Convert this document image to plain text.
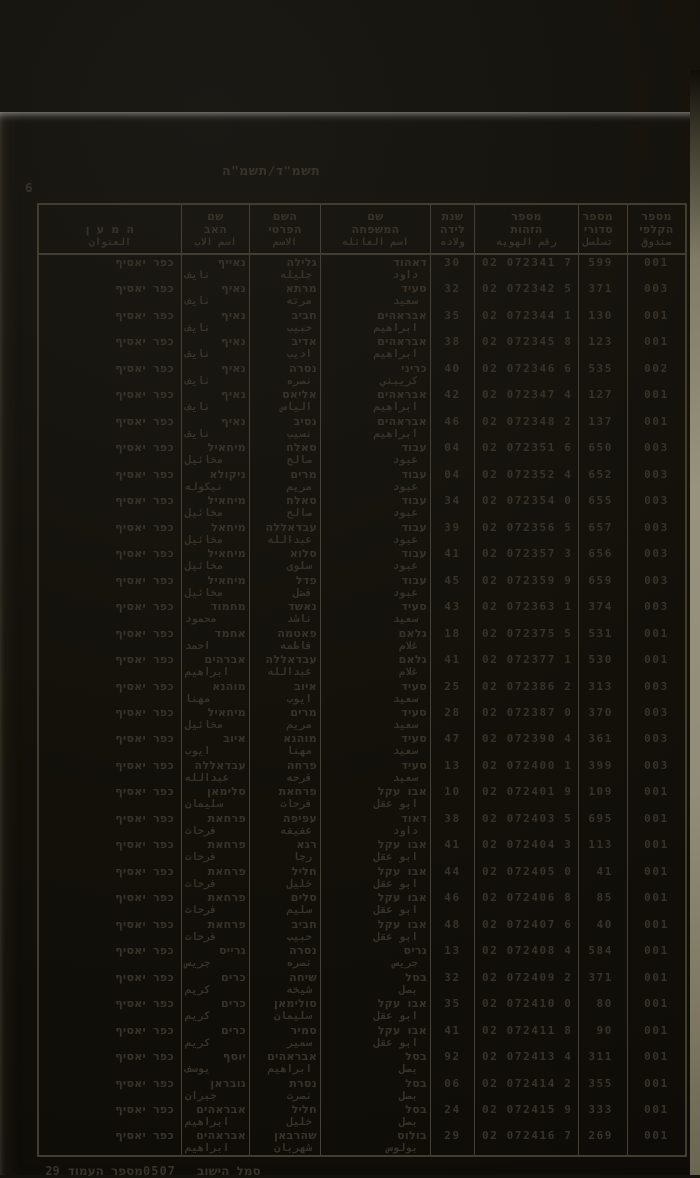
תשמ"ד/תשמ"ה
6
מספר
הקלפי
صندوق
מספר
סדורי
تسلسل
מספר
הזהות
رقم الهويه
שנת
לידה
ولاده
שם
המשפחה
اسم العائله
השם
הפרטי
الاسم
שם
האב
اسم الاب
ה מ ע ן
العنوان
001
599
02 072341 7
30
דאהוד
داود
גלילה
جليله
נאייף
نايف
כפר יאסיף
003
371
02 072342 5
32
סעיד
سعيد
מרתא
مرته
נאיף
نايف
כפר יאסיף
001
130
02 072344 1
35
אבראהים
ابراهيم
חביב
حبيب
נאיף
نايف
כפר יאסיף
001
123
02 072345 8
38
אבראהים
ابراهيم
אדיב
اديب
נאיף
نايف
כפר יאסיף
002
535
02 072346 6
40
כריני
كريبني
נסרה
نصره
נאיף
نايف
כפר יאסיף
001
127
02 072347 4
42
אבראהים
ابراهيم
אליאס
الياس
נאיף
نايف
כפר יאסיף
001
137
02 072348 2
46
אבראהים
ابراهيم
נסיב
نسيب
נאיף
نايف
כפר יאסיף
003
650
02 072351 6
04
עבוד
عبود
סאלח
صالح
מיחאיל
مخائيل
כפר יאסיף
003
652
02 072352 4
04
עבוד
عبود
מרים
مريم
ניקולא
نيكوله
כפר יאסיף
003
655
02 072354 0
34
עבוד
عبود
סאלח
صالح
מיחאיל
مخائيل
כפר יאסיף
003
657
02 072356 5
39
עבוד
عبود
עבדאללה
عبدالله
מיחאל
مخائيل
כפר יאסיף
003
656
02 072357 3
41
עבוד
عبود
סלוא
سلوى
מיחאיל
مخائيل
כפר יאסיף
003
659
02 072359 9
45
עבוד
عبود
פדל
فضل
מיחאיל
مخائيل
כפר יאסיף
003
374
02 072363 1
43
סעיד
سعيد
נאשד
ناشد
מחמוד
محمود
כפר יאסיף
001
531
02 072375 5
18
גלאם
غلام
פאטמה
فاطمه
אחמד
احمد
כפר יאסיף
001
530
02 072377 1
41
גלאם
غلام
עבדאללה
عبدالله
אברהים
ابراهيم
כפר יאסיף
003
313
02 072386 2
25
סעיד
سعيد
איוב
ايوب
מוהנא
مهنا
כפר יאסיף
003
370
02 072387 0
28
סעיד
سعيد
מרים
مريم
מיחאיל
مخائيل
כפר יאסיף
003
361
02 072390 4
47
סעיד
سعيد
מוהנא
مهنا
איוב
ايوب
כפר יאסיף
003
399
02 072400 1
13
סעיד
سعيد
פרחה
فرحه
עבדאללה
عبدالله
כפר יאסיף
001
109
02 072401 9
10
אבו עקל
ابو عقل
פרחאת
فرحات
סלימאן
سليمان
כפר יאסיף
001
695
02 072403 5
38
דאוד
داود
עפיפה
عفيفه
פרחאת
فرحات
כפר יאסיף
001
113
02 072404 3
41
אבו עקל
ابو عقل
רגא
رجا
פרחאת
فرحات
כפר יאסיף
001
41
02 072405 0
44
אבו עקל
ابو عقل
חליל
خليل
פרחאת
فرحات
כפר יאסיף
001
85
02 072406 8
46
אבו עקל
ابو عقل
סלים
سليم
פרחאת
فرحات
כפר יאסיף
001
40
02 072407 6
48
אבו עקל
ابو عقل
חביב
حبيب
פרחאת
فرحات
כפר יאסיף
001
584
02 072408 4
13
גריס
جريس
נסרה
نصره
גרייס
جريس
כפר יאסיף
001
371
02 072409 2
32
בסל
بصل
שיחה
شيخه
כרים
كريم
כפר יאסיף
001
80
02 072410 0
35
אבו עקל
ابو عقل
סולימאן
سليمان
כרים
كريم
כפר יאסיף
001
90
02 072411 8
41
אבו עקל
ابو عقل
סמיר
سمير
כרים
كريم
כפר יאסיף
001
311
02 072413 4
92
בסל
بصل
אבראהים
ابراهيم
יוסף
يوسف
כפר יאסיף
001
355
02 072414 2
06
בסל
بصل
נסרת
نصرت
גובראן
جبران
כפר יאסיף
001
333
02 072415 9
24
בסל
بصل
חליל
خليل
אבראהים
ابراهيم
כפר יאסיף
001
269
02 072416 7
29
בולוס
بولوس
שהרבאן
شهربان
אבראהים
ابراهيم
כפר יאסיף
סמל הישוב
0507
מספר העמוד
29
